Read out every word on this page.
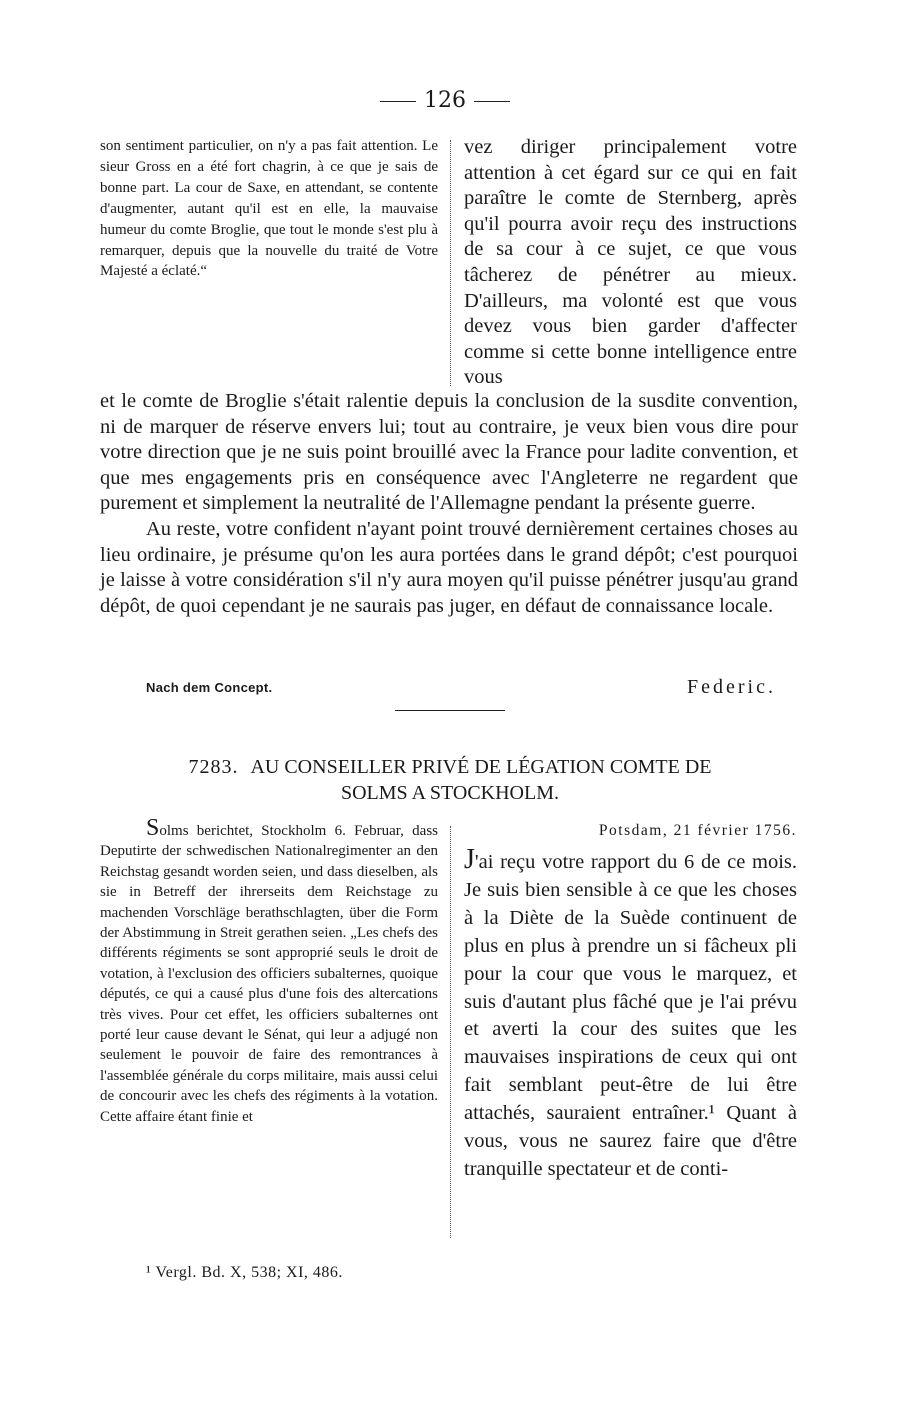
126
son sentiment particulier, on n'y a pas fait attention. Le sieur Gross en a été fort chagrin, à ce que je sais de bonne part. La cour de Saxe, en attendant, se contente d'augmenter, autant qu'il est en elle, la mauvaise humeur du comte Broglie, que tout le monde s'est plu à remarquer, depuis que la nouvelle du traité de Votre Majesté a éclaté.“
vez diriger principalement votre attention à cet égard sur ce qui en fait paraître le comte de Sternberg, après qu'il pourra avoir reçu des instructions de sa cour à ce sujet, ce que vous tâcherez de pénétrer au mieux. D'ailleurs, ma volonté est que vous devez vous bien garder d'affecter comme si cette bonne intelligence entre vous

et le comte de Broglie s'était ralentie depuis la conclusion de la susdite convention, ni de marquer de réserve envers lui; tout au contraire, je veux bien vous dire pour votre direction que je ne suis point brouillé avec la France pour ladite convention, et que mes engagements pris en conséquence avec l'Angleterre ne regardent que purement et simplement la neutralité de l'Allemagne pendant la présente guerre.

Au reste, votre confident n'ayant point trouvé dernièrement certaines choses au lieu ordinaire, je présume qu'on les aura portées dans le grand dépôt; c'est pourquoi je laisse à votre considération s'il n'y aura moyen qu'il puisse pénétrer jusqu'au grand dépôt, de quoi cependant je ne saurais pas juger, en défaut de connaissance locale.

Nach dem Concept.	Federic.
7283. AU CONSEILLER PRIVÉ DE LÉGATION COMTE DE
SOLMS A STOCKHOLM.
Solms berichtet, Stockholm 6. Februar, dass Deputirte der schwedischen Nationalregimenter an den Reichstag gesandt worden seien, und dass dieselben, als sie in Betreff der ihrerseits dem Reichstage zu machenden Vorschläge berathschlagten, über die Form der Abstimmung in Streit gerathen seien. „Les chefs des différents régiments se sont approprié seuls le droit de votation, à l'exclusion des officiers subalternes, quoique députés, ce qui a causé plus d'une fois des altercations très vives. Pour cet effet, les officiers subalternes ont porté leur cause devant le Sénat, qui leur a adjugé non seulement le pouvoir de faire des remontrances à l'assemblée générale du corps militaire, mais aussi celui de concourir avec les chefs des régiments à la votation. Cette affaire étant finie et
Potsdam, 21 février 1756.
J'ai reçu votre rapport du 6 de ce mois. Je suis bien sensible à ce que les choses à la Diète de la Suède continuent de plus en plus à prendre un si fâcheux pli pour la cour que vous le marquez, et suis d'autant plus fâché que je l'ai prévu et averti la cour des suites que les mauvaises inspirations de ceux qui ont fait semblant peut-être de lui être attachés, sauraient entraîner.¹ Quant à vous, vous ne saurez faire que d'être tranquille spectateur et de conti-
¹ Vergl. Bd. X, 538; XI, 486.
